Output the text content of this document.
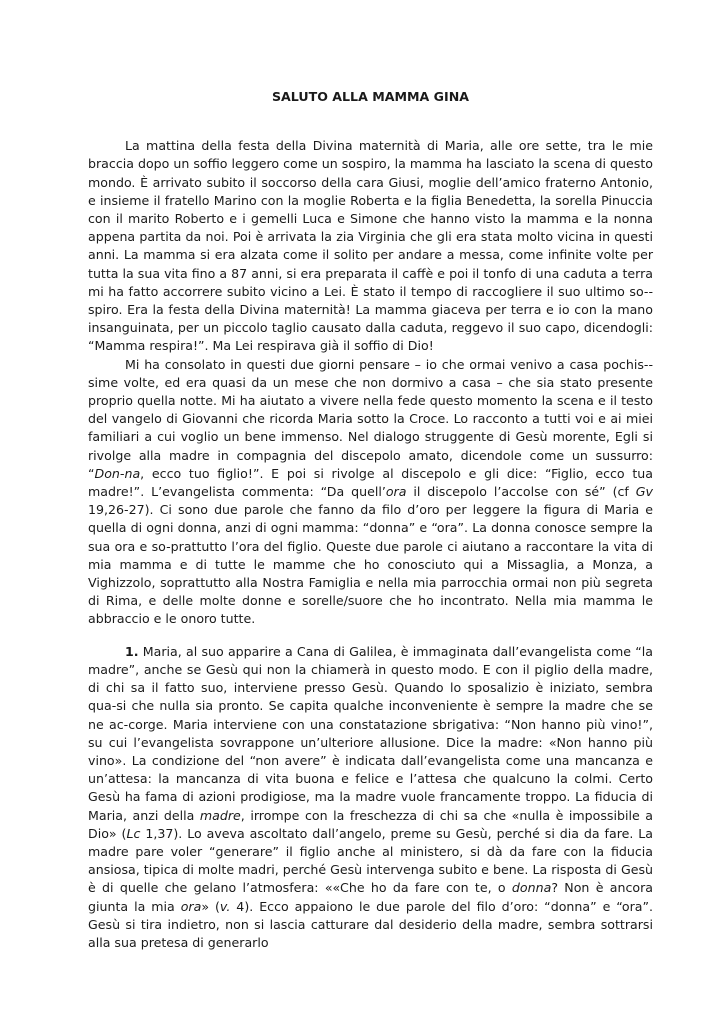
SALUTO ALLA MAMMA GINA

La mattina della festa della Divina maternità di Maria, alle ore sette, tra le mie braccia dopo un soffio leggero come un sospiro, la mamma ha lasciato la scena di questo mondo. È arrivato subito il soccorso della cara Giusi, moglie dell’amico fraterno Antonio, e insieme il fratello Marino con la moglie Roberta e la figlia Benedetta, la sorella Pinuccia con il marito Roberto e i gemelli Luca e Simone che hanno visto la mamma e la nonna appena partita da noi. Poi è arrivata la zia Virginia che gli era stata molto vicina in questi anni. La mamma si era alzata come il solito per andare a messa, come infinite volte per tutta la sua vita fino a 87 anni, si era preparata il caffè e poi il tonfo di una caduta a terra mi ha fatto accorrere subito vicino a Lei. È stato il tempo di raccogliere il suo ultimo so-spiro. Era la festa della Divina maternità! La mamma giaceva per terra e io con la mano insanguinata, per un piccolo taglio causato dalla caduta, reggevo il suo capo, dicendogli: “Mamma respira!”. Ma Lei respirava già il soffio di Dio!

Mi ha consolato in questi due giorni pensare – io che ormai venivo a casa pochis-sime volte, ed era quasi da un mese che non dormivo a casa – che sia stato presente proprio quella notte. Mi ha aiutato a vivere nella fede questo momento la scena e il testo del vangelo di Giovanni che ricorda Maria sotto la Croce. Lo racconto a tutti voi e ai miei familiari a cui voglio un bene immenso. Nel dialogo struggente di Gesù morente, Egli si rivolge alla madre in compagnia del discepolo amato, dicendole come un sussurro: “Don-na, ecco tuo figlio!”. E poi si rivolge al discepolo e gli dice: “Figlio, ecco tua madre!”. L’evangelista commenta: “Da quell’ora il discepolo l’accolse con sé” (cf Gv 19,26-27). Ci sono due parole che fanno da filo d’oro per leggere la figura di Maria e quella di ogni donna, anzi di ogni mamma: “donna” e “ora”. La donna conosce sempre la sua ora e so-prattutto l’ora del figlio. Queste due parole ci aiutano a raccontare la vita di mia mamma e di tutte le mamme che ho conosciuto qui a Missaglia, a Monza, a Vighizzolo, soprattutto alla Nostra Famiglia e nella mia parrocchia ormai non più segreta di Rima, e delle molte donne e sorelle/suore che ho incontrato. Nella mia mamma le abbraccio e le onoro tutte.

1. Maria, al suo apparire a Cana di Galilea, è immaginata dall’evangelista come “la madre”, anche se Gesù qui non la chiamerà in questo modo. E con il piglio della madre, di chi sa il fatto suo, interviene presso Gesù. Quando lo sposalizio è iniziato, sembra qua-si che nulla sia pronto. Se capita qualche inconveniente è sempre la madre che se ne ac-corge. Maria interviene con una constatazione sbrigativa: “Non hanno più vino!”, su cui l’evangelista sovrappone un’ulteriore allusione. Dice la madre: «Non hanno più vino». La condizione del “non avere” è indicata dall’evangelista come una mancanza e un’attesa: la mancanza di vita buona e felice e l’attesa che qualcuno la colmi. Certo Gesù ha fama di azioni prodigiose, ma la madre vuole francamente troppo. La fiducia di Maria, anzi della madre, irrompe con la freschezza di chi sa che «nulla è impossibile a Dio» (Lc 1,37). Lo aveva ascoltato dall’angelo, preme su Gesù, perché si dia da fare. La madre pare voler “generare” il figlio anche al ministero, si dà da fare con la fiducia ansiosa, tipica di molte madri, perché Gesù intervenga subito e bene. La risposta di Gesù è di quelle che gelano l’atmosfera: ««Che ho da fare con te, o donna? Non è ancora giunta la mia ora» (v. 4). Ecco appaiono le due parole del filo d’oro: “donna” e “ora”. Gesù si tira indietro, non si lascia catturare dal desiderio della madre, sembra sottrarsi alla sua pretesa di generarlo
